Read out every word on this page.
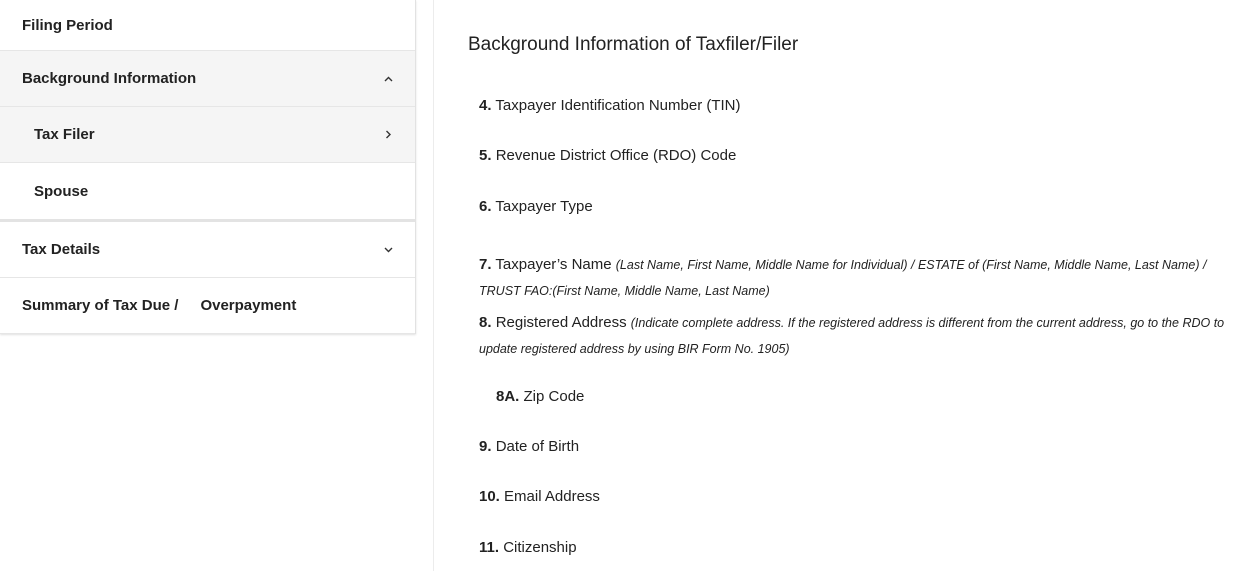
Filing Period
Background Information
Tax Filer
Spouse
Tax Details
Summary of Tax Due / Overpayment
Background Information of Taxfiler/Filer
4. Taxpayer Identification Number (TIN)
5. Revenue District Office (RDO) Code
6. Taxpayer Type
7. Taxpayer’s Name (Last Name, First Name, Middle Name for Individual) / ESTATE of (First Name, Middle Name, Last Name) / TRUST FAO:(First Name, Middle Name, Last Name)
8. Registered Address (Indicate complete address. If the registered address is different from the current address, go to the RDO to update registered address by using BIR Form No. 1905)
8A. Zip Code
9. Date of Birth
10. Email Address
11. Citizenship
